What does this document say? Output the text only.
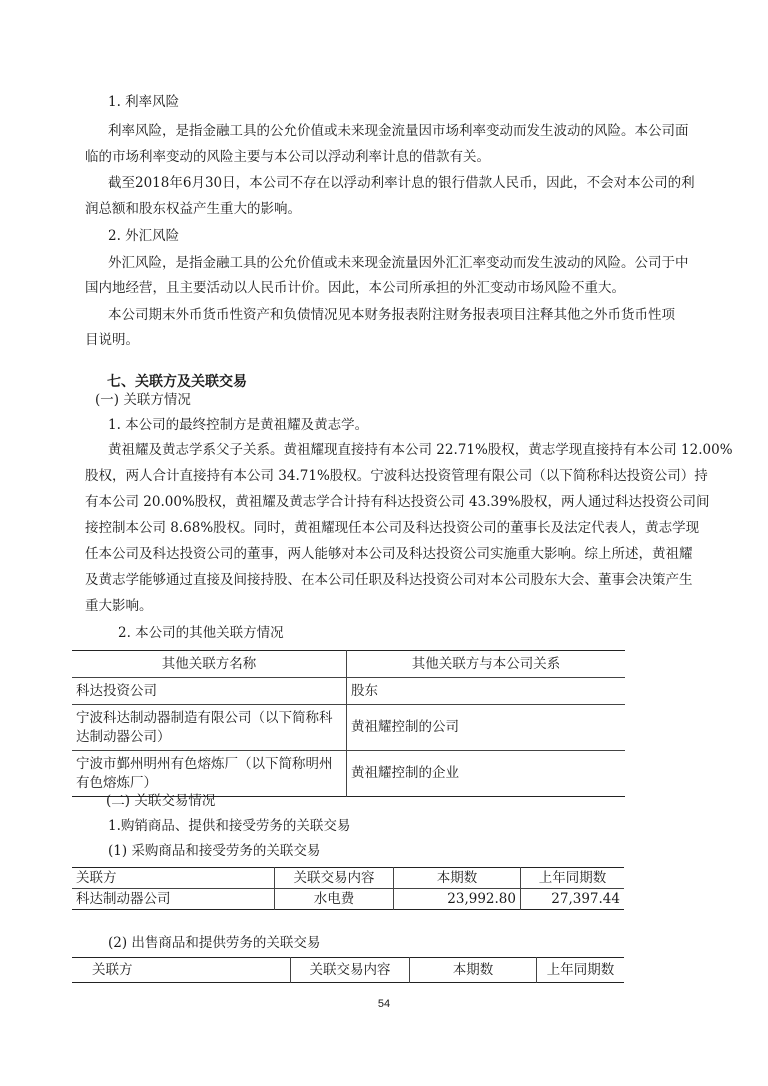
1. 利率风险
利率风险，是指金融工具的公允价值或未来现金流量因市场利率变动而发生波动的风险。本公司面
临的市场利率变动的风险主要与本公司以浮动利率计息的借款有关。
截至2018年6月30日，本公司不存在以浮动利率计息的银行借款人民币，因此，不会对本公司的利
润总额和股东权益产生重大的影响。
2. 外汇风险
外汇风险，是指金融工具的公允价值或未来现金流量因外汇汇率变动而发生波动的风险。公司于中
国内地经营，且主要活动以人民币计价。因此，本公司所承担的外汇变动市场风险不重大。
本公司期末外币货币性资产和负债情况见本财务报表附注财务报表项目注释其他之外币货币性项
目说明。
七、关联方及关联交易
(一) 关联方情况
1. 本公司的最终控制方是黄祖耀及黄志学。
黄祖耀及黄志学系父子关系。黄祖耀现直接持有本公司 22.71%股权，黄志学现直接持有本公司 12.00%
股权，两人合计直接持有本公司 34.71%股权。宁波科达投资管理有限公司（以下简称科达投资公司）持
有本公司 20.00%股权，黄祖耀及黄志学合计持有科达投资公司 43.39%股权，两人通过科达投资公司间
接控制本公司 8.68%股权。同时，黄祖耀现任本公司及科达投资公司的董事长及法定代表人，黄志学现
任本公司及科达投资公司的董事，两人能够对本公司及科达投资公司实施重大影响。综上所述，黄祖耀
及黄志学能够通过直接及间接持股、在本公司任职及科达投资公司对本公司股东大会、董事会决策产生
重大影响。
2. 本公司的其他关联方情况
其他关联方名称	其他关联方与本公司关系
科达投资公司	股东

宁波科达制动器制造有限公司（以下简称科
达制动器公司）	黄祖耀控制的公司

宁波市鄞州明州有色熔炼厂（以下简称明州
有色熔炼厂）	黄祖耀控制的企业
(二) 关联交易情况
1.购销商品、提供和接受劳务的关联交易
(1) 采购商品和接受劳务的关联交易
关联方	关联交易内容	本期数	上年同期数
科达制动器公司	水电费	23,992.80	27,397.44
(2) 出售商品和提供劳务的关联交易
关联方	关联交易内容	本期数	上年同期数
54
